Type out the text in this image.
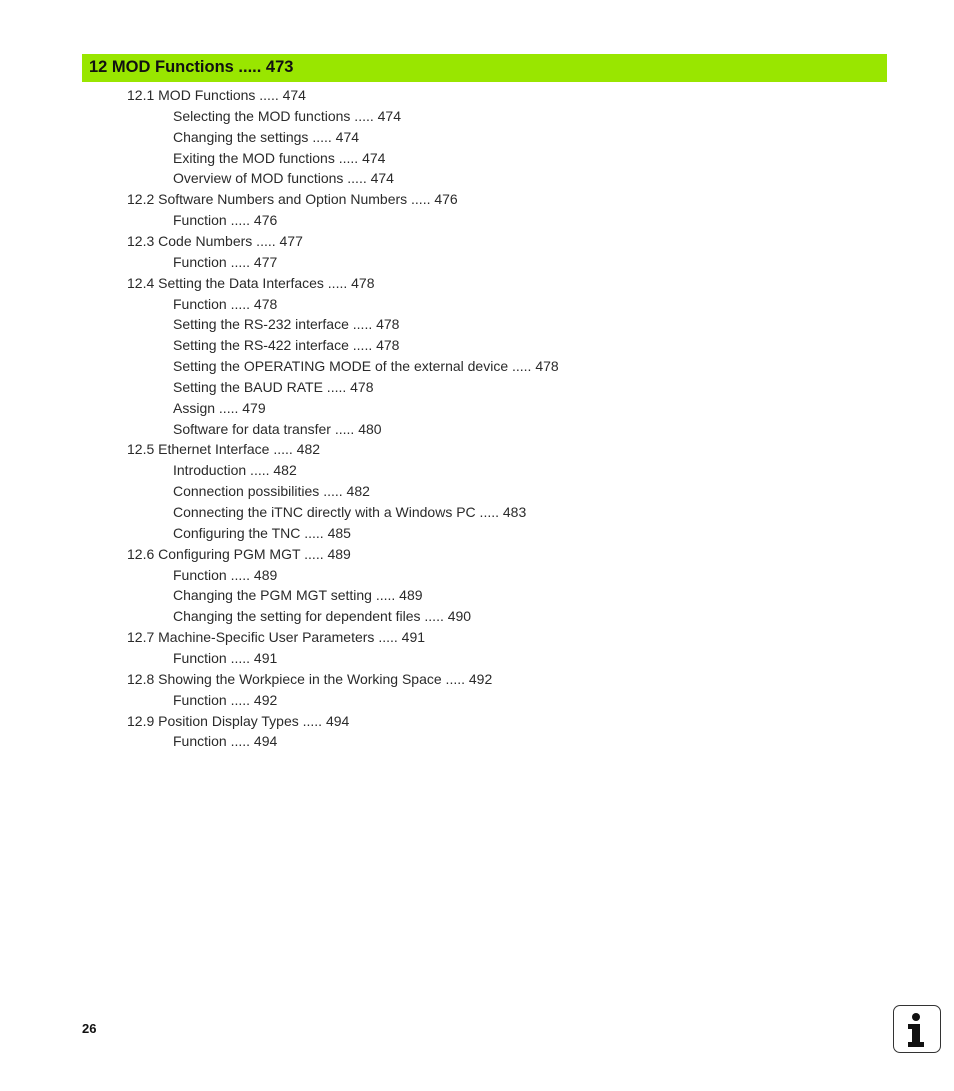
12 MOD Functions ..... 473
12.1 MOD Functions ..... 474
Selecting the MOD functions ..... 474
Changing the settings ..... 474
Exiting the MOD functions ..... 474
Overview of MOD functions ..... 474
12.2 Software Numbers and Option Numbers ..... 476
Function ..... 476
12.3 Code Numbers ..... 477
Function ..... 477
12.4 Setting the Data Interfaces ..... 478
Function ..... 478
Setting the RS-232 interface ..... 478
Setting the RS-422 interface ..... 478
Setting the OPERATING MODE of the external device ..... 478
Setting the BAUD RATE ..... 478
Assign ..... 479
Software for data transfer ..... 480
12.5 Ethernet Interface ..... 482
Introduction ..... 482
Connection possibilities ..... 482
Connecting the iTNC directly with a Windows PC ..... 483
Configuring the TNC ..... 485
12.6 Configuring PGM MGT ..... 489
Function ..... 489
Changing the PGM MGT setting ..... 489
Changing the setting for dependent files ..... 490
12.7 Machine-Specific User Parameters ..... 491
Function ..... 491
12.8 Showing the Workpiece in the Working Space ..... 492
Function ..... 492
12.9 Position Display Types ..... 494
Function ..... 494
26
